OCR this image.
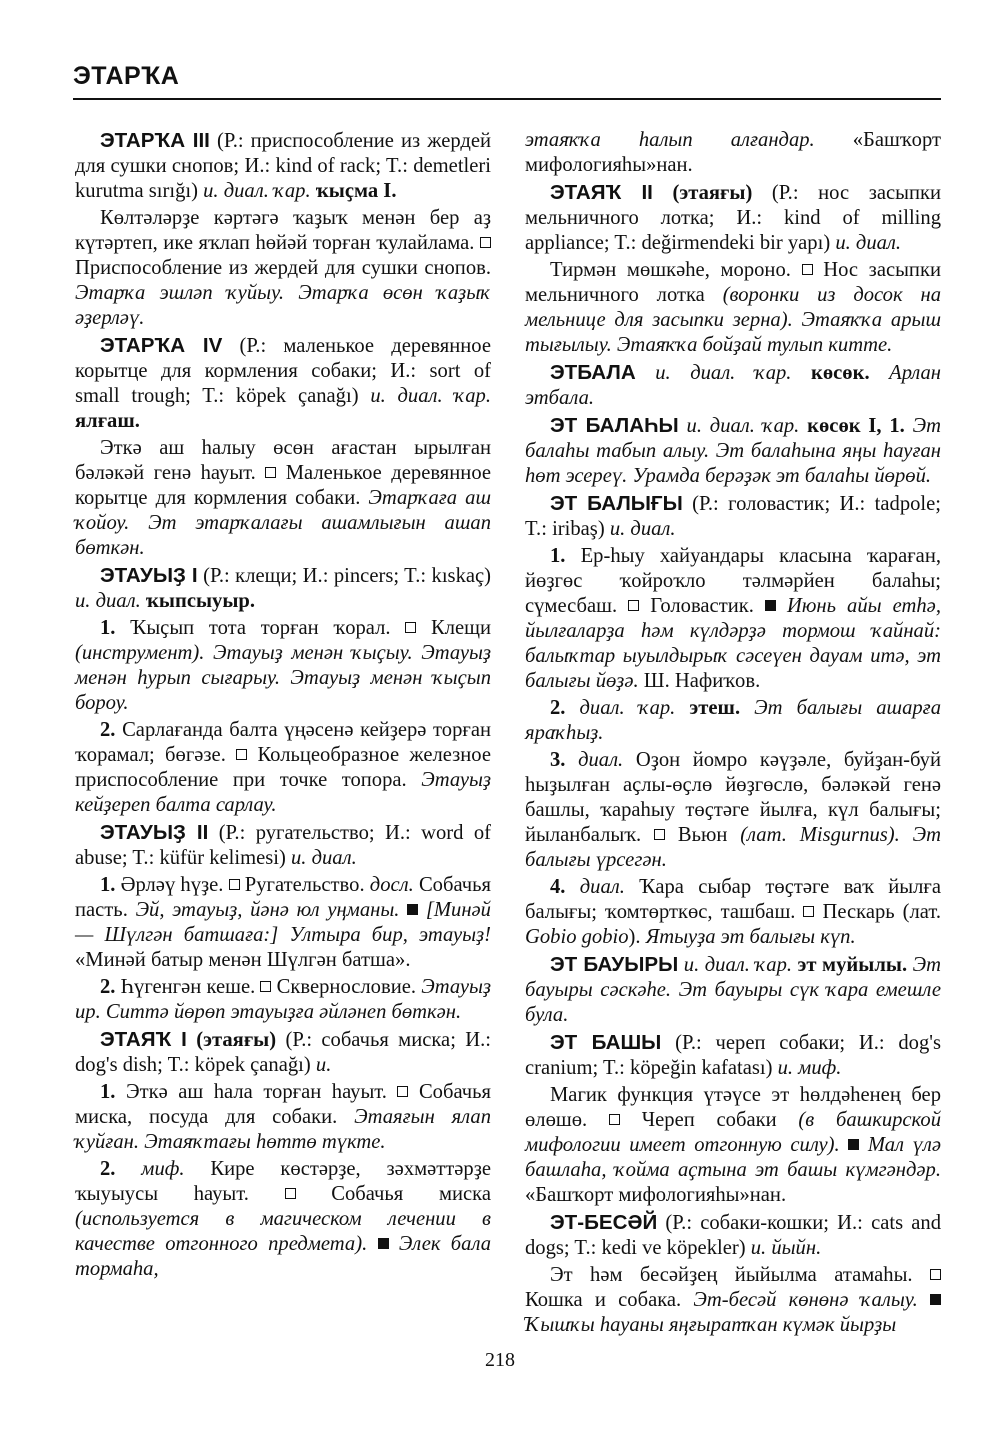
ЭТАРҠА

ЭТАРҠА III (Р.: приспособление из жердей для сушки снопов; И.: kind of rack; T.: demetleri kurutma sırığı) и. диал. ҡар. ҡыҫма I.

Көлтәләрҙе кәртәгә ҡаҙыҡ менән бер аҙ күтәртеп, ике яҡлап һөйәй торған ҡулайлама.  Приспособление из жердей для сушки снопов. Этарҡа эшләп ҡуйыу. Этарҡа өсөн ҡаҙыҡ әҙерләү.

ЭТАРҠА IV (Р.: маленькое деревянное корытце для кормления собаки; И.: sort of small trough; T.: köpek çanağı) и. диал. ҡар. ялғаш.

Эткә аш һалыу өсөн ағастан ырылған бәләкәй генә һауыт.  Маленькое деревянное корытце для кормления собаки. Этарҡаға аш ҡойоу. Эт этарҡалағы ашамлығын ашап бөткән.

ЭТАУЫҘ I (Р.: клещи; И.: pincers; T.: kıskaç) и. диал. ҡыпсыуыр.

1. Ҡыҫып тота торған ҡорал.  Клещи (инструмент). Этауыҙ менән ҡыҫыу. Этауыҙ менән һурып сығарыу. Этауыҙ менән ҡыҫып бороу.

2. Сарлағанда балта үңәсенә кейҙерә торған ҡорамал; бөгәзе.  Кольцеобразное железное приспособление при точке топора. Этауыҙ кейҙереп балта сарлау.

ЭТАУЫҘ II (Р.: ругательство; И.: word of abuse; T.: küfür kelimesi) и. диал.

1. Әрләү һүҙе.  Ругательство. досл. Собачья пасть. Эй, этауыҙ, йәнә юл уңманы.  [Минәй — Шүлгән батшаға:] Ултыра бир, этауыҙ! «Минәй батыр менән Шүлгән батша».

2. Һүгенгән кеше.  Сквернословие. Этауыҙ ир. Ситтә йөрөп этауыҙға әйләнеп бөткән.

ЭТАЯҠ I (этаяғы) (Р.: собачья миска; И.: dog's dish; T.: köpek çanağı) и.

1. Эткә аш һала торған һауыт.  Собачья миска, посуда для собаки. Этаяғын ялап ҡуйған. Этаяҡтағы һөттө түкте.

2. миф. Кире көстәрҙе, зәхмәттәрҙе ҡыуыусы һауыт.  Собачья миска (используется в магическом лечении в качестве отгонного предмета).  Элек бала тормаһа,

этаяҡҡа һалып алғандар. «Башҡорт мифологияһы»нан.

ЭТАЯҠ II (этаяғы) (Р.: нос засыпки мельничного лотка; И.: kind of milling appliance; T.: değirmendeki bir yapı) и. диал.

Тирмән мөшкәһе, мороно.  Нос засыпки мельничного лотка (воронки из досок на мельнице для засыпки зерна). Этаяҡҡа арыш тығылыу. Этаяҡҡа бойҙай тулып китте.

ЭТБАЛА и. диал. ҡар. көсөк. Арлан этбала.

ЭТ БАЛАҺЫ и. диал. ҡар. көсөк I, 1. Эт балаһы табып алыу. Эт балаһына яңы һауған һөт эсереү. Урамда берәҙәк эт балаһы йөрөй.

ЭТ БАЛЫҒЫ (Р.: головастик; И.: tadpole; T.: iribaş) и. диал.

1. Ер-һыу хайуандары класына ҡараған, йөҙгөс ҡойроҡло тәлмәрйен балаһы; сүмесбаш.  Головастик.  Июнь айы етһә, йылғаларҙа һәм күлдәрҙә тормош ҡайнай: балыҡтар ыуылдырыҡ сәсеүен дауам итә, эт балығы йөҙә. Ш. Нафиҡов.

2. диал. ҡар. этеш. Эт балығы ашарға яраҡһыҙ.

3. диал. Оҙон йомро кәүҙәле, буйҙан-буй һыҙылған аҫлы-өҫлө йөҙгөслө, бәләкәй генә башлы, ҡараһыу төҫтәге йылға, күл балығы; йыланбалыҡ.  Вьюн (лат. Misgurnus). Эт балығы үрсегән.

4. диал. Ҡара сыбар төҫтәге ваҡ йылға балығы; ҡомтөрткөс, ташбаш.  Пескарь (лат. Gobio gobio). Ятыуҙа эт балығы күп.

ЭТ БАУЫРЫ и. диал. ҡар. эт муйылы. Эт бауыры сәскәһе. Эт бауыры сүк ҡара емешле була.

ЭТ БАШЫ (Р.: череп собаки; И.: dog's cranium; T.: köpeğin kafatası) и. миф.

Магик функция үтәүсе эт һөлдәһенең бер өлөшө.  Череп собаки (в башкирской мифологии имеет отгонную силу).  Мал үлә башлаһа, ҡойма аҫтына эт башы күмгәндәр. «Башҡорт мифологияһы»нан.

ЭТ-БЕСӘЙ (Р.: собаки-кошки; И.: cats and dogs; T.: kedi ve köpekler) и. йыйн.

Эт һәм бесәйҙең йыйылма атамаһы.  Кошка и собака. Эт-бесәй көнөнә ҡалыу.  Ҡышҡы һауаны яңғыратҡан күмәк йырҙы

218
